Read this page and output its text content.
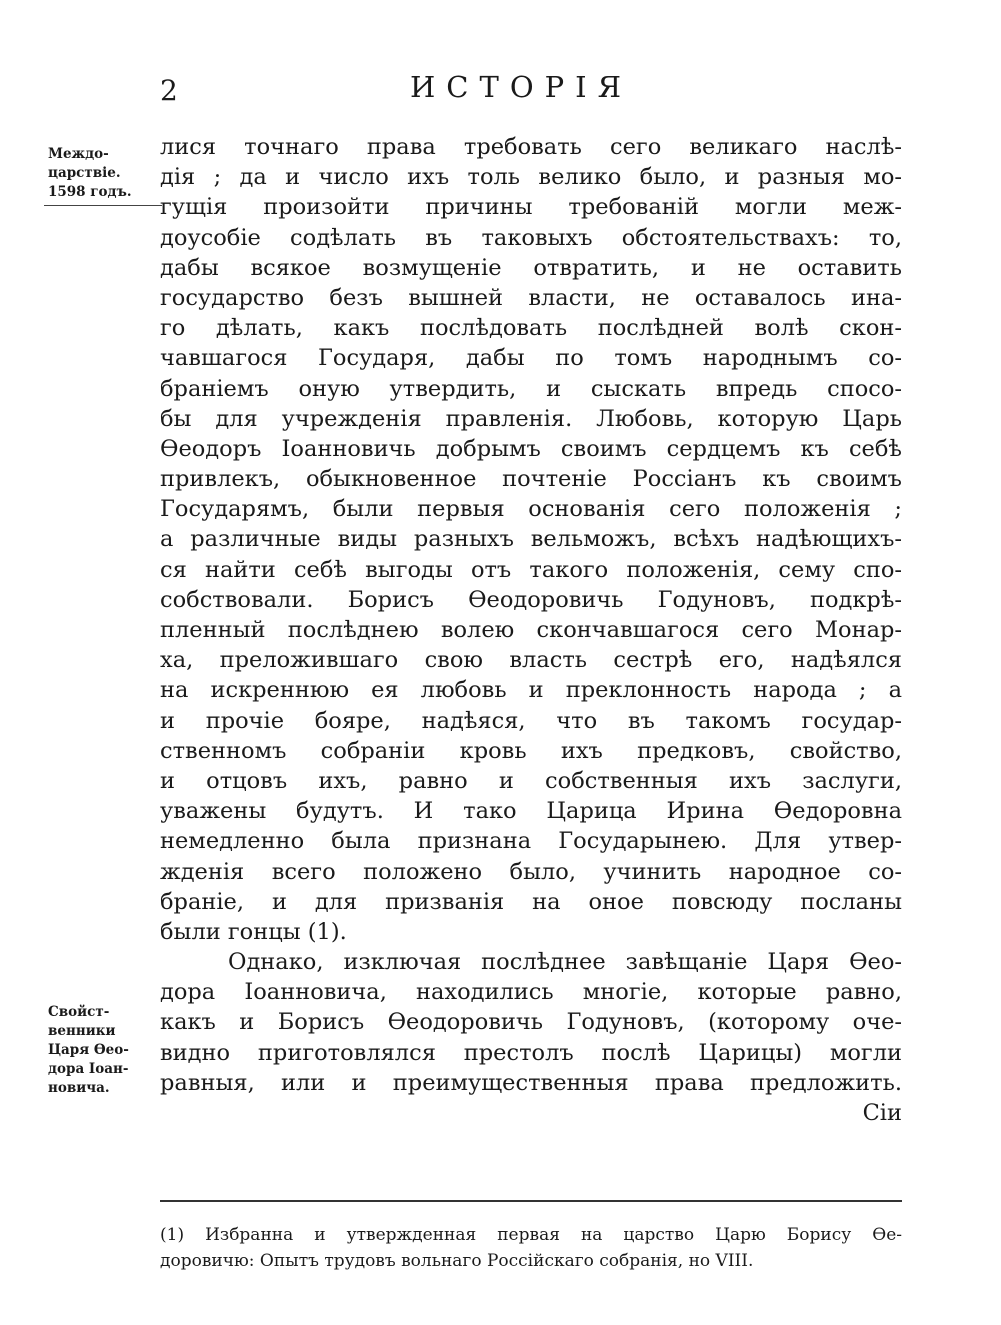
2	ИСТОРІЯ
Междо-
царствіе.
1598 годъ.
Свойст-
венники
Царя Ѳео-
дора Іоан-
новича.
лися точнаго права требовать сего великаго наслѣ-
дія ; да и число ихъ толь велико было, и разныя мо-
гущія произойти причины требованій могли меж-
доусобіе содѣлать въ таковыхъ обстоятельствахъ: то,
дабы всякое возмущеніе отвратить, и не оставить
государство безъ вышней власти, не оставалось ина-
го дѣлать, какъ послѣдовать послѣдней волѣ скон-
чавшагося Государя, дабы по томъ народнымъ со-
браніемъ оную утвердить, и сыскать впредь спосо-
бы для учрежденія правленія. Любовь, которую Царь
Ѳеодоръ Іоанновичь добрымъ своимъ сердцемъ къ себѣ
привлекъ, обыкновенное почтеніе Россіанъ къ своимъ
Государямъ, были первыя основанія сего положенія ;
а различные виды разныхъ вельможъ, всѣхъ надѣющихъ-
ся найти себѣ выгоды отъ такого положенія, сему спо-
собствовали. Борисъ Ѳеодоровичь Годуновъ, подкрѣ-
пленный послѣднею волею скончавшагося сего Монар-
ха, преложившаго свою власть сестрѣ его, надѣялся
на искреннюю ея любовь и преклонность народа ; а
и прочіе бояре, надѣяся, что въ такомъ государ-
ственномъ собраніи кровь ихъ предковъ, свойство,
и отцовъ ихъ, равно и собственныя ихъ заслуги,
уважены будутъ. И тако Царица Ирина Ѳедоровна
немедленно была признана Государынею. Для утвер-
жденія всего положено было, учинить народное со-
браніе, и для призванія на оное повсюду посланы
были гонцы (1).
Однако, изключая послѣднее завѣщаніе Царя Ѳео-
дора Іоанновича, находились многіе, которые равно,
какъ и Борисъ Ѳеодоровичь Годуновъ, (которому оче-
видно приготовлялся престолъ послѣ Царицы) могли
равныя, или и преимущественныя права предложить.
Сіи
(1) Избранна и утвержденная первая на царство Царю Борису Ѳе-
доровичю: Опытъ трудовъ вольнаго Россійскаго собранія, но VIII.
